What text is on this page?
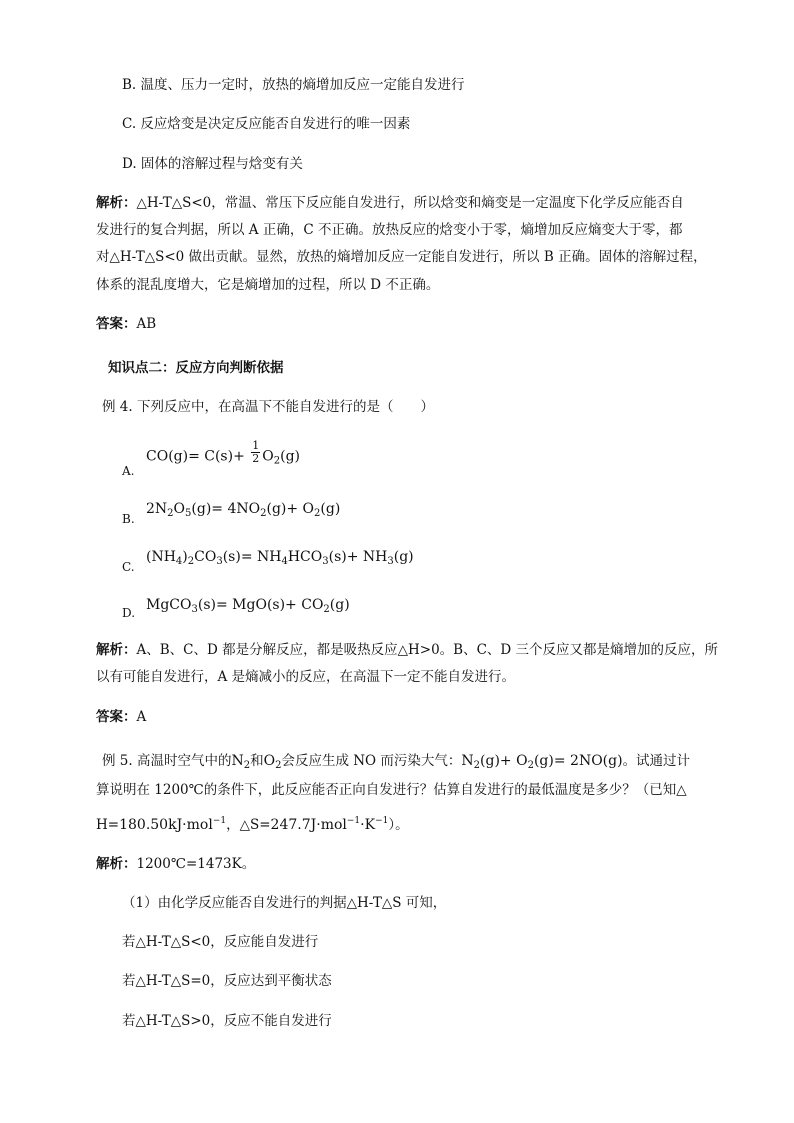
B. 温度、压力一定时，放热的熵增加反应一定能自发进行
C. 反应焓变是决定反应能否自发进行的唯一因素
D. 固体的溶解过程与焓变有关
解析：△H-T△S<0，常温、常压下反应能自发进行，所以焓变和熵变是一定温度下化学反应能否自
发进行的复合判据，所以 A 正确，C 不正确。放热反应的焓变小于零，熵增加反应熵变大于零，都
对△H-T△S<0 做出贡献。显然，放热的熵增加反应一定能自发进行，所以 B 正确。固体的溶解过程，
体系的混乱度增大，它是熵增加的过程，所以 D 不正确。
答案：AB
知识点二：反应方向判断依据
例 4. 下列反应中，在高温下不能自发进行的是（　　）
A.
$CO(g)= C(s)+ \frac{1}{2} O_2(g)$
B.
$2N_2O_5(g)= 4NO_2(g)+ O_2(g)$
C.
$(NH_4)_2CO_3(s)= NH_4HCO_3(s)+ NH_3(g)$
D. MgCO$_3$(s)= $MgO(s)+ CO_2(g)$
解析：A、B、C、D 都是分解反应，都是吸热反应△H>0。B、C、D 三个反应又都是熵增加的反应，所
以有可能自发进行，A 是熵减小的反应，在高温下一定不能自发进行。
答案：A
例 5. 高温时空气中的$N_2$和$O_2$会反应生成 NO 而污染大气：$N_2(g)+ O_2(g)= 2NO(g)$。试通过计
算说明在 1200℃的条件下，此反应能否正向自发进行？估算自发进行的最低温度是多少？（已知△
H=180.50kJ·mol$^{-1}$，$\triangle S=247.7J\cdot mol^{-1}\cdot K^{-1}$）。
解析：1200℃=1473K。
（1）由化学反应能否自发进行的判据△H-T△S 可知，
若△H-T△S<0，反应能自发进行
若△H-T△S=0，反应达到平衡状态
若△H-T△S>0，反应不能自发进行
